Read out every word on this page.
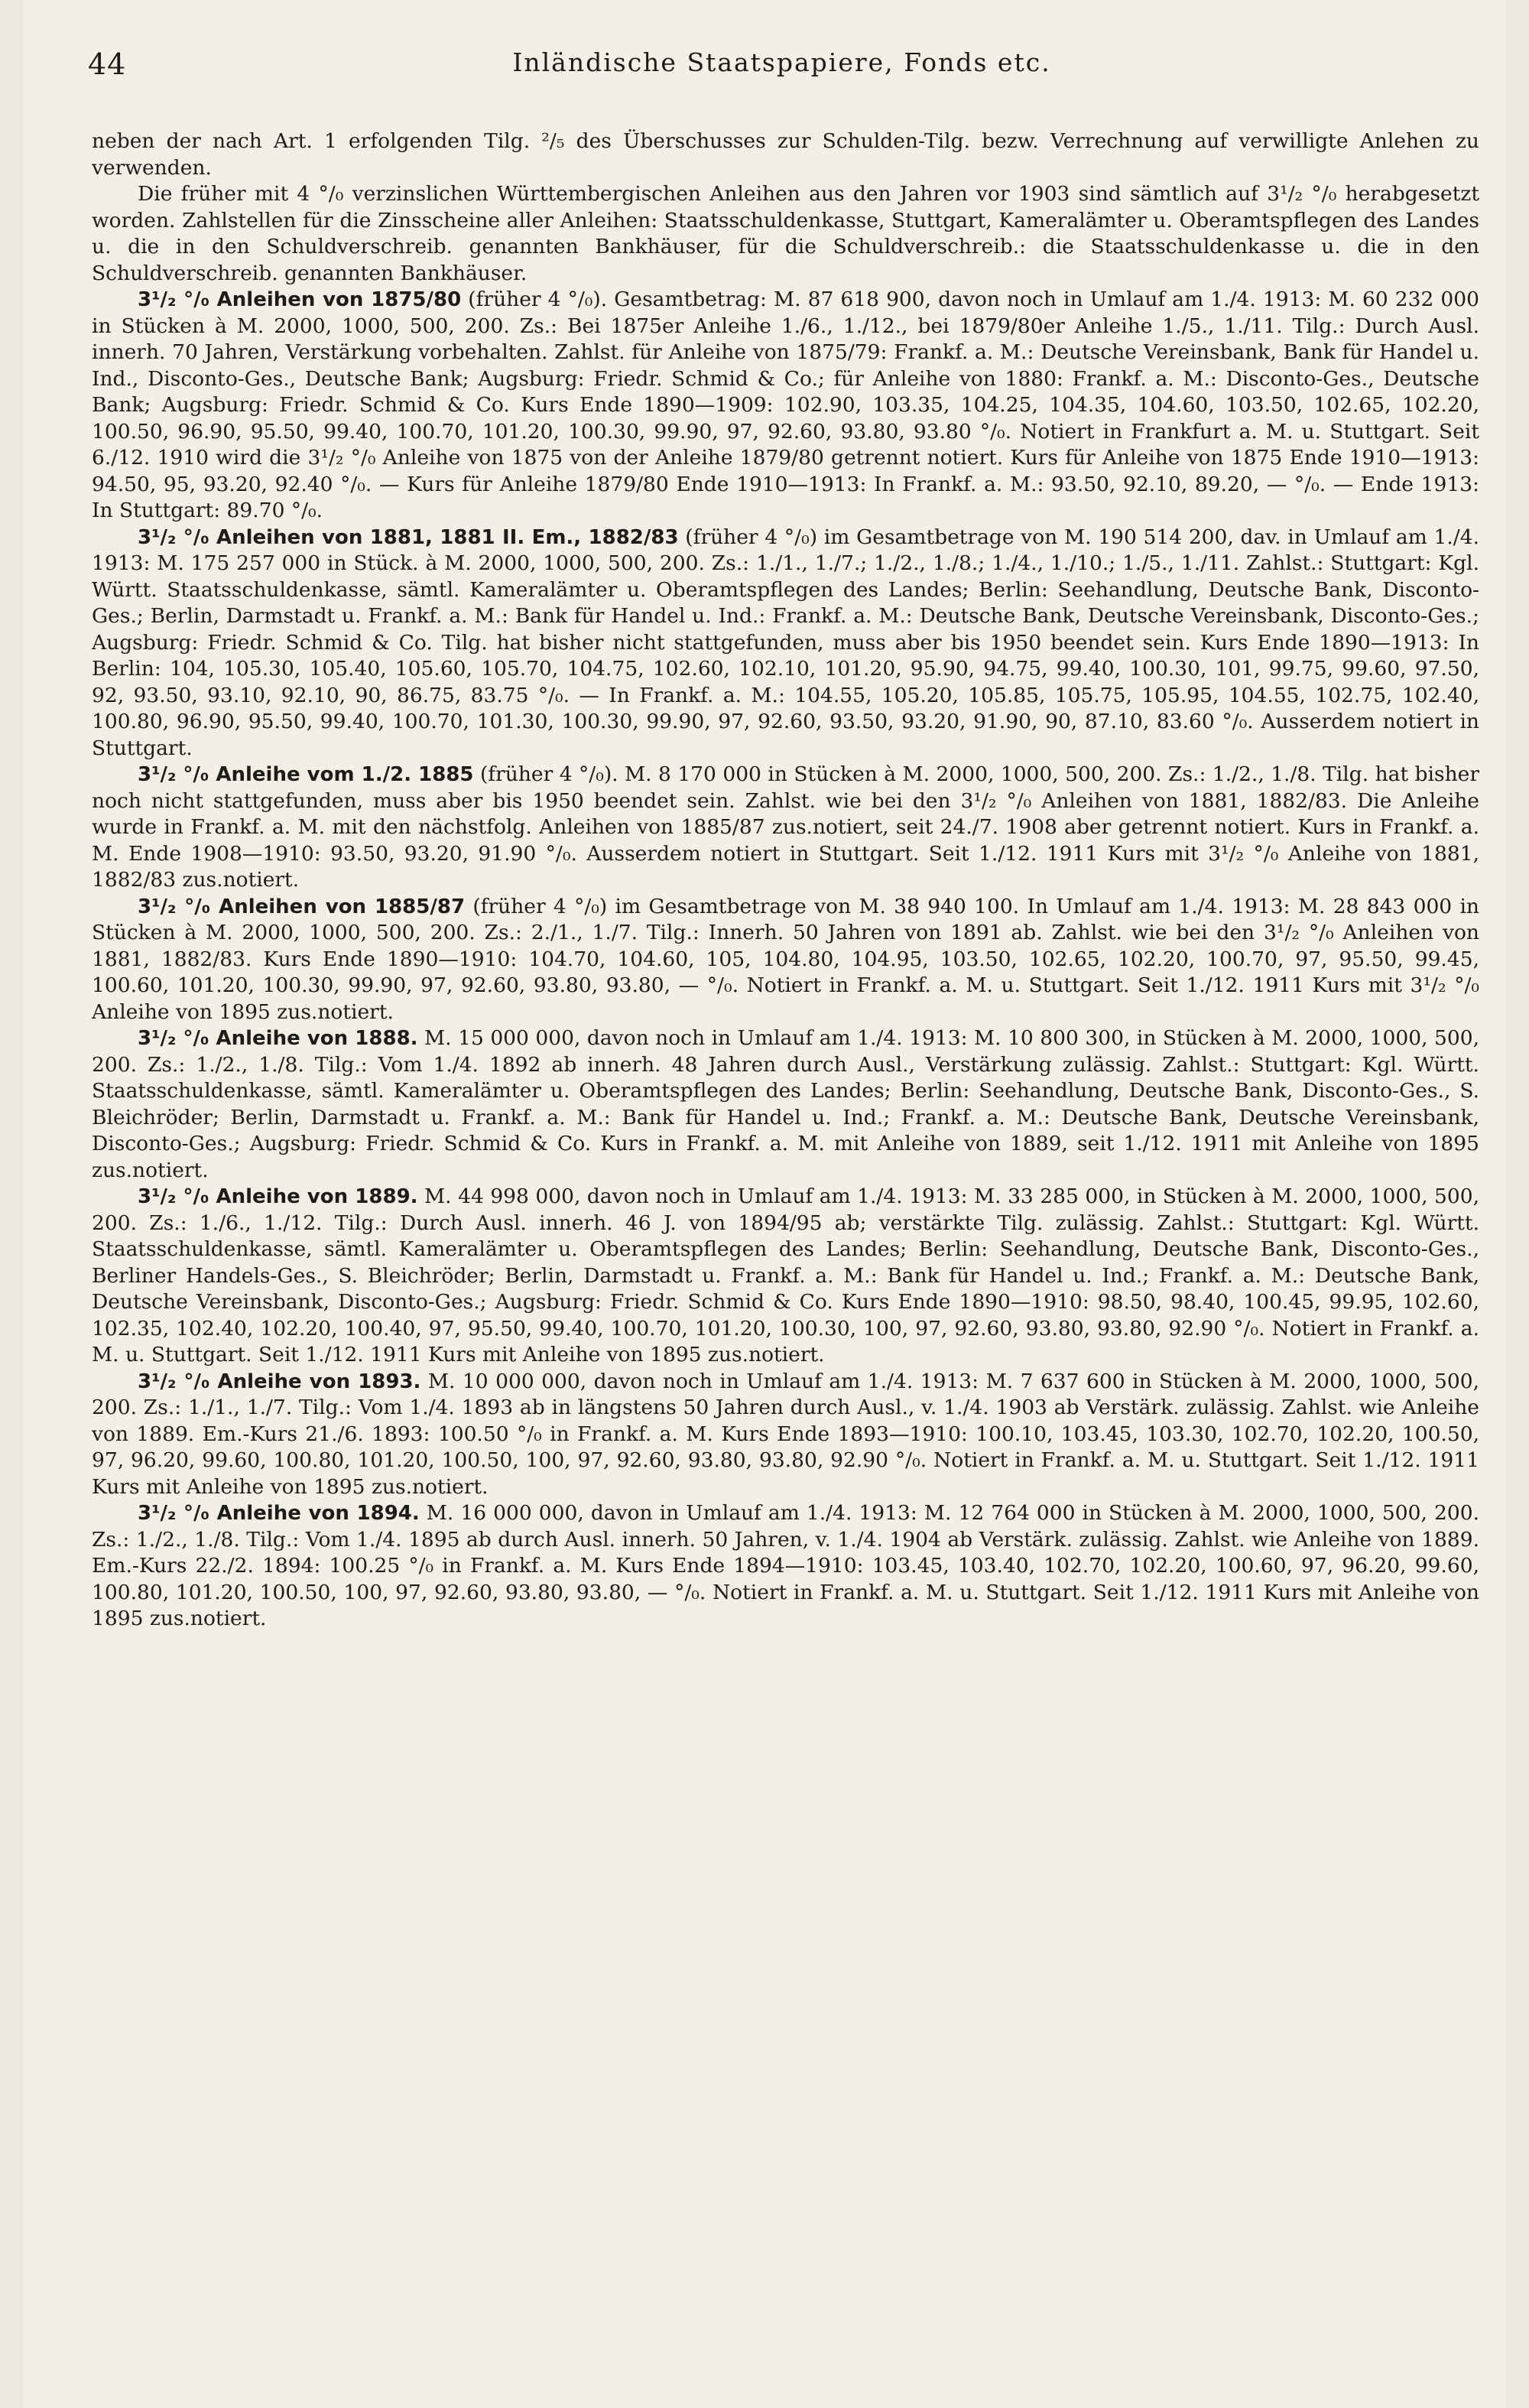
44	Inländische Staatspapiere, Fonds etc.

neben der nach Art. 1 erfolgenden Tilg. ²/₅ des Überschusses zur Schulden-Tilg. bezw. Verrechnung auf verwilligte Anlehen zu verwenden.

Die früher mit 4 °/₀ verzinslichen Württembergischen Anleihen aus den Jahren vor 1903 sind sämtlich auf 3¹/₂ °/₀ herabgesetzt worden. Zahlstellen für die Zinsscheine aller Anleihen: Staatsschuldenkasse, Stuttgart, Kameralämter u. Oberamtspflegen des Landes u. die in den Schuldverschreib. genannten Bankhäuser, für die Schuldverschreib.: die Staatsschuldenkasse u. die in den Schuldverschreib. genannten Bankhäuser.

3¹/₂ °/₀ Anleihen von 1875/80 (früher 4 °/₀). Gesamtbetrag: M. 87 618 900, davon noch in Umlauf am 1./4. 1913: M. 60 232 000 in Stücken à M. 2000, 1000, 500, 200. Zs.: Bei 1875er Anleihe 1./6., 1./12., bei 1879/80er Anleihe 1./5., 1./11. Tilg.: Durch Ausl. innerh. 70 Jahren, Verstärkung vorbehalten. Zahlst. für Anleihe von 1875/79: Frankf. a. M.: Deutsche Vereinsbank, Bank für Handel u. Ind., Disconto-Ges., Deutsche Bank; Augsburg: Friedr. Schmid & Co.; für Anleihe von 1880: Frankf. a. M.: Disconto-Ges., Deutsche Bank; Augsburg: Friedr. Schmid & Co. Kurs Ende 1890—1909: 102.90, 103.35, 104.25, 104.35, 104.60, 103.50, 102.65, 102.20, 100.50, 96.90, 95.50, 99.40, 100.70, 101.20, 100.30, 99.90, 97, 92.60, 93.80, 93.80 °/₀. Notiert in Frankfurt a. M. u. Stuttgart. Seit 6./12. 1910 wird die 3¹/₂ °/₀ Anleihe von 1875 von der Anleihe 1879/80 getrennt notiert. Kurs für Anleihe von 1875 Ende 1910—1913: 94.50, 95, 93.20, 92.40 °/₀. — Kurs für Anleihe 1879/80 Ende 1910—1913: In Frankf. a. M.: 93.50, 92.10, 89.20, — °/₀. — Ende 1913: In Stuttgart: 89.70 °/₀.

3¹/₂ °/₀ Anleihen von 1881, 1881 II. Em., 1882/83 (früher 4 °/₀) im Gesamtbetrage von M. 190 514 200, dav. in Umlauf am 1./4. 1913: M. 175 257 000 in Stück. à M. 2000, 1000, 500, 200. Zs.: 1./1., 1./7.; 1./2., 1./8.; 1./4., 1./10.; 1./5., 1./11. Zahlst.: Stuttgart: Kgl. Württ. Staatsschuldenkasse, sämtl. Kameralämter u. Oberamtspflegen des Landes; Berlin: Seehandlung, Deutsche Bank, Disconto-Ges.; Berlin, Darmstadt u. Frankf. a. M.: Bank für Handel u. Ind.: Frankf. a. M.: Deutsche Bank, Deutsche Vereinsbank, Disconto-Ges.; Augsburg: Friedr. Schmid & Co. Tilg. hat bisher nicht stattgefunden, muss aber bis 1950 beendet sein. Kurs Ende 1890—1913: In Berlin: 104, 105.30, 105.40, 105.60, 105.70, 104.75, 102.60, 102.10, 101.20, 95.90, 94.75, 99.40, 100.30, 101, 99.75, 99.60, 97.50, 92, 93.50, 93.10, 92.10, 90, 86.75, 83.75 °/₀. — In Frankf. a. M.: 104.55, 105.20, 105.85, 105.75, 105.95, 104.55, 102.75, 102.40, 100.80, 96.90, 95.50, 99.40, 100.70, 101.30, 100.30, 99.90, 97, 92.60, 93.50, 93.20, 91.90, 90, 87.10, 83.60 °/₀. Ausserdem notiert in Stuttgart.

3¹/₂ °/₀ Anleihe vom 1./2. 1885 (früher 4 °/₀). M. 8 170 000 in Stücken à M. 2000, 1000, 500, 200. Zs.: 1./2., 1./8. Tilg. hat bisher noch nicht stattgefunden, muss aber bis 1950 beendet sein. Zahlst. wie bei den 3¹/₂ °/₀ Anleihen von 1881, 1882/83. Die Anleihe wurde in Frankf. a. M. mit den nächstfolg. Anleihen von 1885/87 zus.notiert, seit 24./7. 1908 aber getrennt notiert. Kurs in Frankf. a. M. Ende 1908—1910: 93.50, 93.20, 91.90 °/₀. Ausserdem notiert in Stuttgart. Seit 1./12. 1911 Kurs mit 3¹/₂ °/₀ Anleihe von 1881, 1882/83 zus.notiert.

3¹/₂ °/₀ Anleihen von 1885/87 (früher 4 °/₀) im Gesamtbetrage von M. 38 940 100. In Umlauf am 1./4. 1913: M. 28 843 000 in Stücken à M. 2000, 1000, 500, 200. Zs.: 2./1., 1./7. Tilg.: Innerh. 50 Jahren von 1891 ab. Zahlst. wie bei den 3¹/₂ °/₀ Anleihen von 1881, 1882/83. Kurs Ende 1890—1910: 104.70, 104.60, 105, 104.80, 104.95, 103.50, 102.65, 102.20, 100.70, 97, 95.50, 99.45, 100.60, 101.20, 100.30, 99.90, 97, 92.60, 93.80, 93.80, — °/₀. Notiert in Frankf. a. M. u. Stuttgart. Seit 1./12. 1911 Kurs mit 3¹/₂ °/₀ Anleihe von 1895 zus.notiert.

3¹/₂ °/₀ Anleihe von 1888. M. 15 000 000, davon noch in Umlauf am 1./4. 1913: M. 10 800 300, in Stücken à M. 2000, 1000, 500, 200. Zs.: 1./2., 1./8. Tilg.: Vom 1./4. 1892 ab innerh. 48 Jahren durch Ausl., Verstärkung zulässig. Zahlst.: Stuttgart: Kgl. Württ. Staatsschuldenkasse, sämtl. Kameralämter u. Oberamtspflegen des Landes; Berlin: Seehandlung, Deutsche Bank, Disconto-Ges., S. Bleichröder; Berlin, Darmstadt u. Frankf. a. M.: Bank für Handel u. Ind.; Frankf. a. M.: Deutsche Bank, Deutsche Vereinsbank, Disconto-Ges.; Augsburg: Friedr. Schmid & Co. Kurs in Frankf. a. M. mit Anleihe von 1889, seit 1./12. 1911 mit Anleihe von 1895 zus.notiert.

3¹/₂ °/₀ Anleihe von 1889. M. 44 998 000, davon noch in Umlauf am 1./4. 1913: M. 33 285 000, in Stücken à M. 2000, 1000, 500, 200. Zs.: 1./6., 1./12. Tilg.: Durch Ausl. innerh. 46 J. von 1894/95 ab; verstärkte Tilg. zulässig. Zahlst.: Stuttgart: Kgl. Württ. Staatsschuldenkasse, sämtl. Kameralämter u. Oberamtspflegen des Landes; Berlin: Seehandlung, Deutsche Bank, Disconto-Ges., Berliner Handels-Ges., S. Bleichröder; Berlin, Darmstadt u. Frankf. a. M.: Bank für Handel u. Ind.; Frankf. a. M.: Deutsche Bank, Deutsche Vereinsbank, Disconto-Ges.; Augsburg: Friedr. Schmid & Co. Kurs Ende 1890—1910: 98.50, 98.40, 100.45, 99.95, 102.60, 102.35, 102.40, 102.20, 100.40, 97, 95.50, 99.40, 100.70, 101.20, 100.30, 100, 97, 92.60, 93.80, 93.80, 92.90 °/₀. Notiert in Frankf. a. M. u. Stuttgart. Seit 1./12. 1911 Kurs mit Anleihe von 1895 zus.notiert.

3¹/₂ °/₀ Anleihe von 1893. M. 10 000 000, davon noch in Umlauf am 1./4. 1913: M. 7 637 600 in Stücken à M. 2000, 1000, 500, 200. Zs.: 1./1., 1./7. Tilg.: Vom 1./4. 1893 ab in längstens 50 Jahren durch Ausl., v. 1./4. 1903 ab Verstärk. zulässig. Zahlst. wie Anleihe von 1889. Em.-Kurs 21./6. 1893: 100.50 °/₀ in Frankf. a. M. Kurs Ende 1893—1910: 100.10, 103.45, 103.30, 102.70, 102.20, 100.50, 97, 96.20, 99.60, 100.80, 101.20, 100.50, 100, 97, 92.60, 93.80, 93.80, 92.90 °/₀. Notiert in Frankf. a. M. u. Stuttgart. Seit 1./12. 1911 Kurs mit Anleihe von 1895 zus.notiert.

3¹/₂ °/₀ Anleihe von 1894. M. 16 000 000, davon in Umlauf am 1./4. 1913: M. 12 764 000 in Stücken à M. 2000, 1000, 500, 200. Zs.: 1./2., 1./8. Tilg.: Vom 1./4. 1895 ab durch Ausl. innerh. 50 Jahren, v. 1./4. 1904 ab Verstärk. zulässig. Zahlst. wie Anleihe von 1889. Em.-Kurs 22./2. 1894: 100.25 °/₀ in Frankf. a. M. Kurs Ende 1894—1910: 103.45, 103.40, 102.70, 102.20, 100.60, 97, 96.20, 99.60, 100.80, 101.20, 100.50, 100, 97, 92.60, 93.80, 93.80, — °/₀. Notiert in Frankf. a. M. u. Stuttgart. Seit 1./12. 1911 Kurs mit Anleihe von 1895 zus.notiert.
